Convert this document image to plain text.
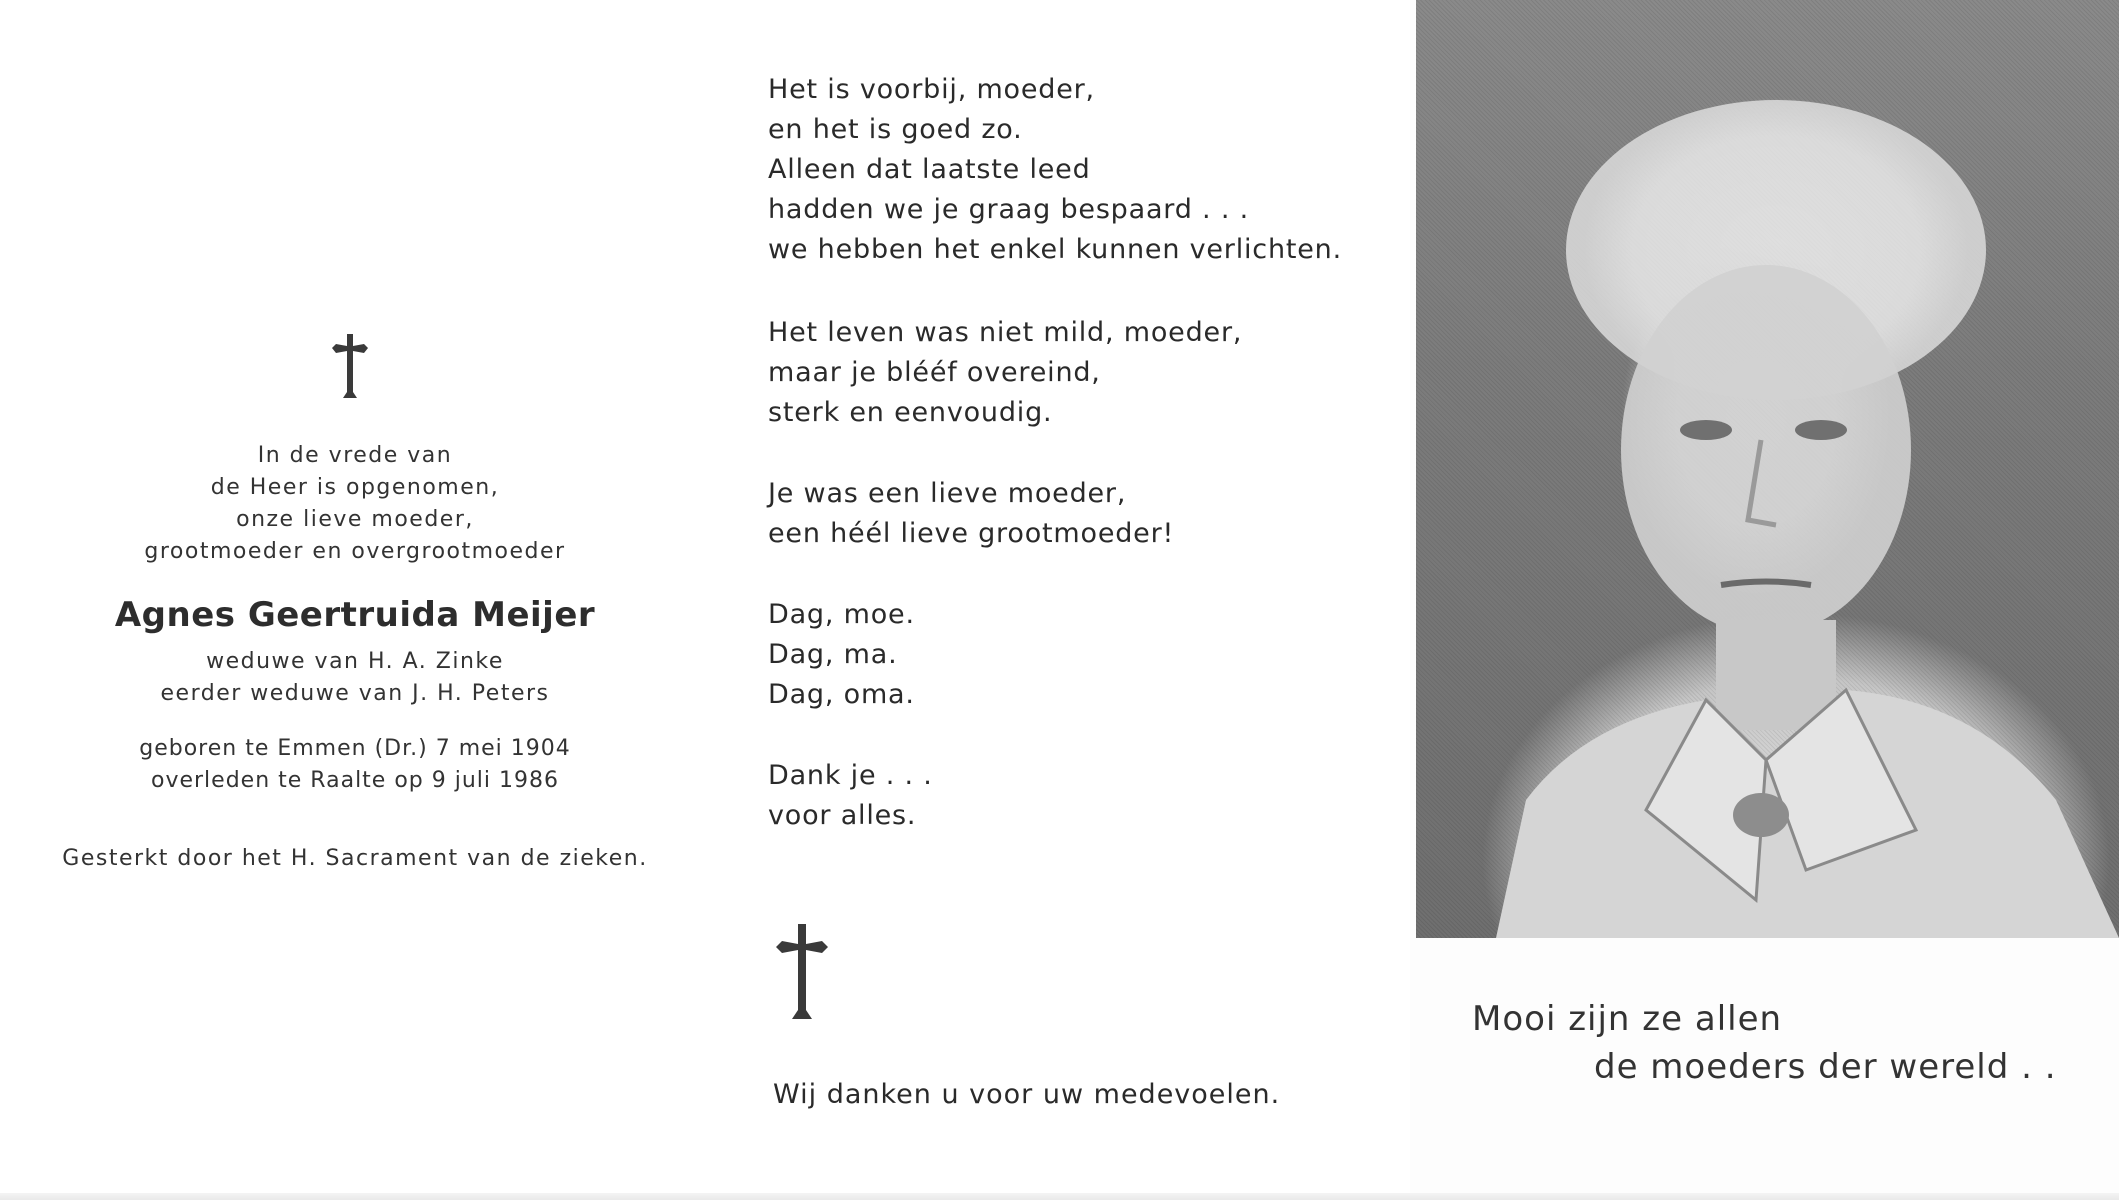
In de vrede van
de Heer is opgenomen,
onze lieve moeder,
grootmoeder en overgrootmoeder
Agnes Geertruida Meijer
weduwe van H. A. Zinke
eerder weduwe van J. H. Peters
geboren te Emmen (Dr.) 7 mei 1904
overleden te Raalte op 9 juli 1986
Gesterkt door het H. Sacrament van de zieken.
Het is voorbij, moeder,
en het is goed zo.
Alleen dat laatste leed
hadden we je graag bespaard . . .
we hebben het enkel kunnen verlichten.
Het leven was niet mild, moeder,
maar je blééf overeind,
sterk en eenvoudig.
Je was een lieve moeder,
een héél lieve grootmoeder!
Dag, moe.
Dag, ma.
Dag, oma.
Dank je . . .
voor alles.
Wij danken u voor uw medevoelen.
Mooi zijn ze allen
de moeders der wereld . .
